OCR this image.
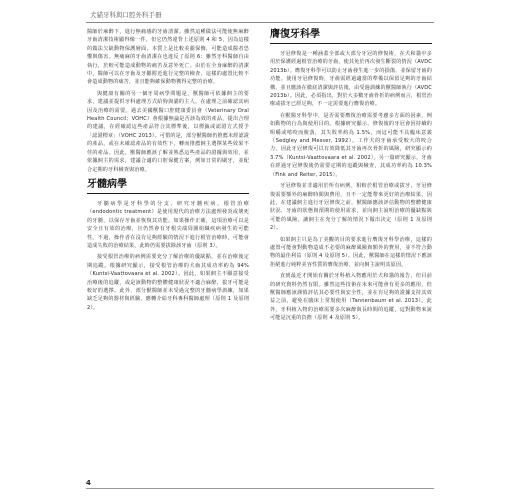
犬貓牙科與口腔外科手冊

醫師於麻醉下，進行無痛感的牙齒清潔。雖然這種做法可能使無麻醉牙齒清潔技術顯得像一件，但它仍然違背上述原則 4 和 5，因為這樣的做法欠缺動物保護層面，本質上是比較美麗保飾，可能造成醫者恐懼與傷害。無痛麻的牙齒清潔在也違反了原則 6：雖然牙科醫師自由執行，於較可能造成動物的痛苦及意外死亡。由於在全身麻醉的清潔中，醫師可以在牙齒及牙齦附近進行完整的檢查，這樣的處置比較不會造成動物的痛苦，並且能夠確保動物獲得完整的治療。

與健康有關的另一個牙周病學問題是，獸醫師可依據飼主的要求，建議並提供牙科處理方式給狗與貓的主人，在處理之前確認其病因及治療的需要。過去美國獸醫口腔健康委員會（Veterinary Oral Health Council；VOHC）會根據無論是否該為效的產品，提出合理的建議，在經確認這些產品符合其標準後，以標籤或認證方式授予「認證標章」（VOHC 2013）。可惜的是，部分獸醫師仍推薦未經認證的產品，或在未確認產品的有效性下，轉而推薦飼主選擇某些效果不佳的產品。因此，獸醫師應該了解並熟悉這些產品的證據與效用，並依據飼主的需求，建議合適的口腔保健方案，例如日常的刷牙，並配合定期的牙科檢查與治療。

牙髓病學

牙髓病學是牙科學的分支，研究牙髓疾病。根管治療（endodontic treatment）是使用現代的治療方法處理發炎或壞死的牙髓，以保存牙齒並恢復其功能。如果操作正確，這項治療可以是安全且有效的治療，且仍然會有牙根尖端周圍組織疾病發生的可能性。不過，操作者在沒有足夠經驗的情況下進行根管治療時，可能會造成失敗的治療結果，此時仍需要拔除該牙齒（原則 3）。

接受根管治療的病例需要充分了解治療的優缺點，並在治療後定期追蹤。根據研究顯示，接受根管治療的犬齒其成功率約為 94%（Kuntsi-Vaattovaara et al. 2002）。因此，如果飼主不願意接受治療後的追蹤，或是該動物的整體健康狀況不適合麻醉，拔牙可能是較好的選擇。此外，部分獸醫師並未受過完整的牙髓病學訓練，如果缺乏足夠的器材與經驗，應轉介給牙科專科醫師處理（原則 1 及原則 2）。

膺復牙科學

牙冠修復是一種涵蓋全部或大部分牙冠的修復術，在犬和貓中多用於保護經過根管治療的牙齒，使其免於再次發生斷裂的情況（AVDC 2013b）。膺復牙科學可以防止牙齒發生進一步的損傷，並保留牙齒的功能。使用牙冠修復時，牙齒需經過適當的準備以保留足夠的牙齒結構，並且應該在徹底清潔與評估後，由受過訓練的獸醫師執行（AVDC 2013b）。因此，必須指出，對於大多數牙齒骨折的病例而言，根管治療或拔牙已經足夠，不一定需要進行膺復治療。

在獸醫牙科學中，是否需要膺復治療需要考慮多方面的因素，例如動物的行為與使用目的。根據研究顯示，修復後的牙冠會因持續的咀嚼或啃咬而脫落，其失敗率約為 1.5%，而這可能不具臨床意義（Sedgley and Messer, 1992）。工作犬的牙齒承受較大的咬合力，因此牙冠修復可以有效降低其牙齒再次骨折的風險，研究顯示約 3.7%（Kuntsi-Vaattovaara et al. 2002）。另一篇研究顯示，牙齒在經過牙冠修復後仍需要定期的追蹤與檢查，其成功率約為 10.3%（Fink and Reiter, 2015）。

牙冠修復並非適用於所有病例。相較於根管治療或拔牙，牙冠修復需要額外的麻醉時間與費用，且不一定能帶來更好的治療結果。因此，在建議飼主進行牙冠修復之前，獸醫師應該評估動物的整體健康狀況、牙齒的狀態與預期的使用需求，並向飼主說明治療的優缺點與可能的風險，讓飼主在充分了解的情況下做出決定（原則 1 及原則 2）。

如果飼主只是為了美觀的目的要求進行膺復牙科學治療，這樣的處置可能會對動物造成不必要的麻醉風險與額外的費用，並不符合動物的最佳利益（原則 4 及原則 5）。因此，獸醫師在這樣的情況下應該拒絕進行純粹美容性質的膺復治療，並向飼主說明其原因。

直到最近才開始有關於牙科植入物應用於犬和貓的報告，但目前的研究資料仍然有限。雖然這些技術在未來可能會有更多的應用，但獸醫師應該謹慎評估其必要性與安全性，並在有足夠的證據支持其效益之前，避免在臨床上常規使用（Tannenbaum et al. 2013）。此外，牙科植入物的治療需要多次麻醉與長時間的追蹤，這對動物來說可能是沉重的負擔（原則 4 及原則 5）。

4
